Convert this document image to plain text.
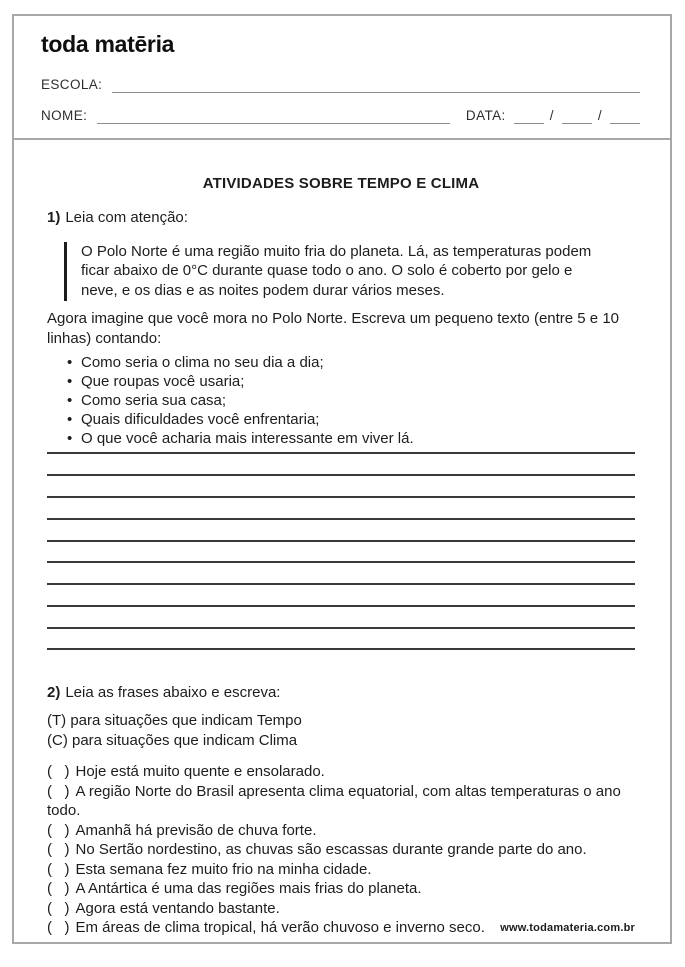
toda matēria
ESCOLA:
NOME:	DATA:	/	/
ATIVIDADES SOBRE TEMPO E CLIMA
1) Leia com atenção:
O Polo Norte é uma região muito fria do planeta. Lá, as temperaturas podem ficar abaixo de 0°C durante quase todo o ano. O solo é coberto por gelo e neve, e os dias e as noites podem durar vários meses.
Agora imagine que você mora no Polo Norte. Escreva um pequeno texto (entre 5 e 10 linhas) contando:
• Como seria o clima no seu dia a dia;
• Que roupas você usaria;
• Como seria sua casa;
• Quais dificuldades você enfrentaria;
• O que você acharia mais interessante em viver lá.
2) Leia as frases abaixo e escreva:
(T) para situações que indicam Tempo
(C) para situações que indicam Clima
(   ) Hoje está muito quente e ensolarado.
(   ) A região Norte do Brasil apresenta clima equatorial, com altas temperaturas o ano todo.
(   ) Amanhã há previsão de chuva forte.
(   ) No Sertão nordestino, as chuvas são escassas durante grande parte do ano.
(   ) Esta semana fez muito frio na minha cidade.
(   ) A Antártica é uma das regiões mais frias do planeta.
(   ) Agora está ventando bastante.
(   ) Em áreas de clima tropical, há verão chuvoso e inverno seco.	www.todamateria.com.br
